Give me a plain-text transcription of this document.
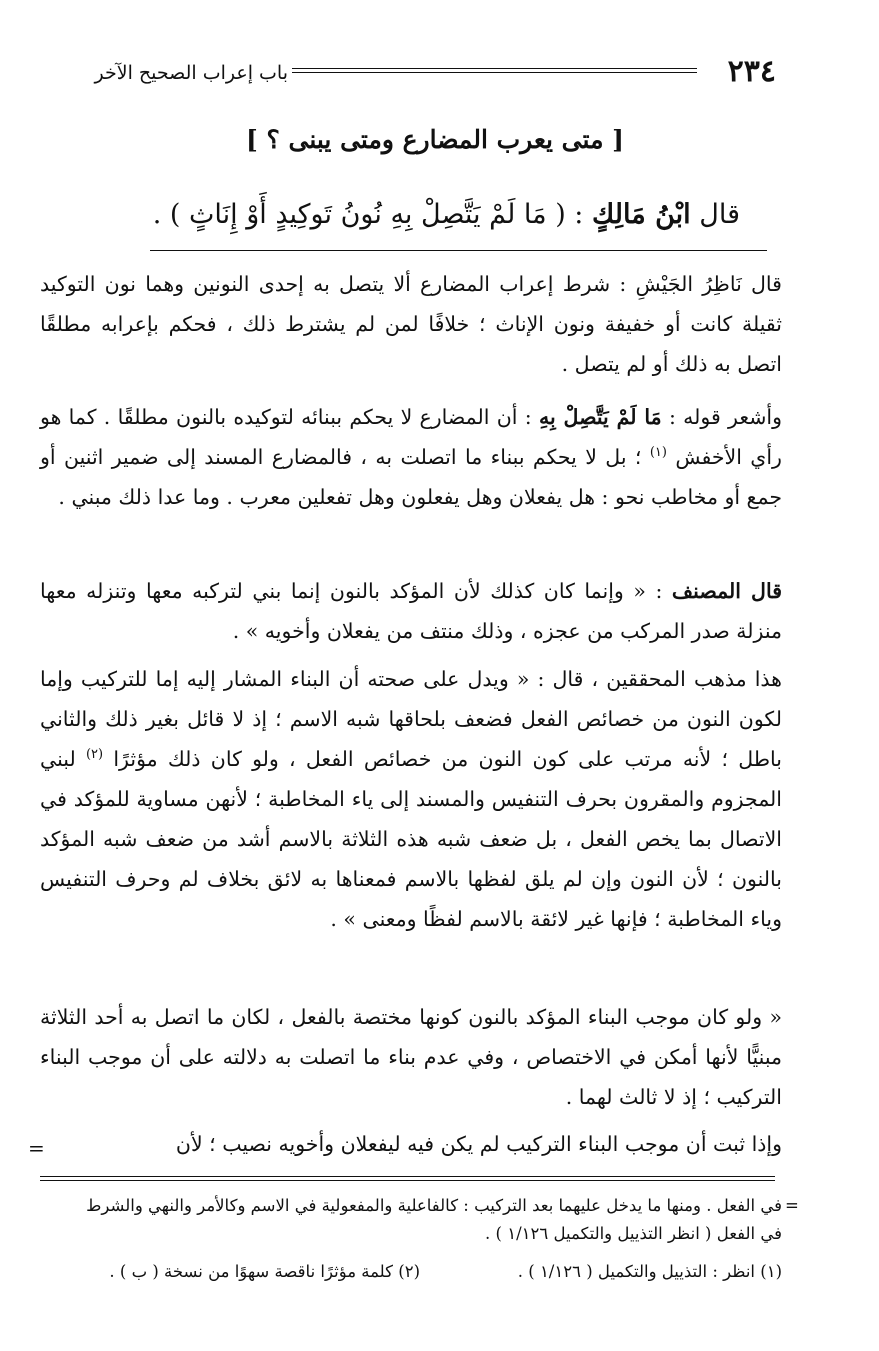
٢٣٤
باب إعراب الصحيح الآخر
[ متى يعرب المضارع ومتى يبنى ؟ ]
قال ابْنُ مَالِكٍ : ( مَا لَمْ يَتَّصِلْ بِهِ نُونُ تَوكِيدٍ أَوْ إِنَاثٍ ) .
قال نَاظِرُ الجَيْشِ : شرط إعراب المضارع ألا يتصل به إحدى النونين وهما نون التوكيد ثقيلة كانت أو خفيفة ونون الإناث ؛ خلافًا لمن لم يشترط ذلك ، فحكم بإعرابه مطلقًا اتصل به ذلك أو لم يتصل .
وأشعر قوله : مَا لَمْ يَتَّصِلْ بِهِ : أن المضارع لا يحكم ببنائه لتوكيده بالنون مطلقًا . كما هو رأي الأخفش $^{(١)}$ ؛ بل لا يحكم ببناء ما اتصلت به ، فالمضارع المسند إلى ضمير اثنين أو جمع أو مخاطب نحو : هل يفعلان وهل يفعلون وهل تفعلين معرب . وما عدا ذلك مبني .
قال المصنف : « وإنما كان كذلك لأن المؤكد بالنون إنما بني لتركبه معها وتنزله معها منزلة صدر المركب من عجزه ، وذلك منتف من يفعلان وأخويه » .
هذا مذهب المحققين ، قال : « ويدل على صحته أن البناء المشار إليه إما للتركيب وإما لكون النون من خصائص الفعل فضعف بلحاقها شبه الاسم ؛ إذ لا قائل بغير ذلك والثاني باطل ؛ لأنه مرتب على كون النون من خصائص الفعل ، ولو كان ذلك مؤثرًا $^{(٢)}$ لبني المجزوم والمقرون بحرف التنفيس والمسند إلى ياء المخاطبة ؛ لأنهن مساوية للمؤكد في الاتصال بما يخص الفعل ، بل ضعف شبه هذه الثلاثة بالاسم أشد من ضعف شبه المؤكد بالنون ؛ لأن النون وإن لم يلق لفظها بالاسم فمعناها به لائق بخلاف لم وحرف التنفيس وياء المخاطبة ؛ فإنها غير لائقة بالاسم لفظًا ومعنى » .
« ولو كان موجب البناء المؤكد بالنون كونها مختصة بالفعل ، لكان ما اتصل به أحد الثلاثة مبنيًّا لأنها أمكن في الاختصاص ، وفي عدم بناء ما اتصلت به دلالته على أن موجب البناء التركيب ؛ إذ لا ثالث لهما .
وإذا ثبت أن موجب البناء التركيب لم يكن فيه ليفعلان وأخويه نصيب ؛ لأن
=
=
في الفعل . ومنها ما يدخل عليهما بعد التركيب : كالفاعلية والمفعولية في الاسم وكالأمر والنهي والشرط
في الفعل ( انظر التذييل والتكميل ١/١٢٦ ) .
(١) انظر : التذييل والتكميل ( ١/١٢٦ ) .
(٢) كلمة مؤثرًا ناقصة سهوًا من نسخة ( ب ) .
